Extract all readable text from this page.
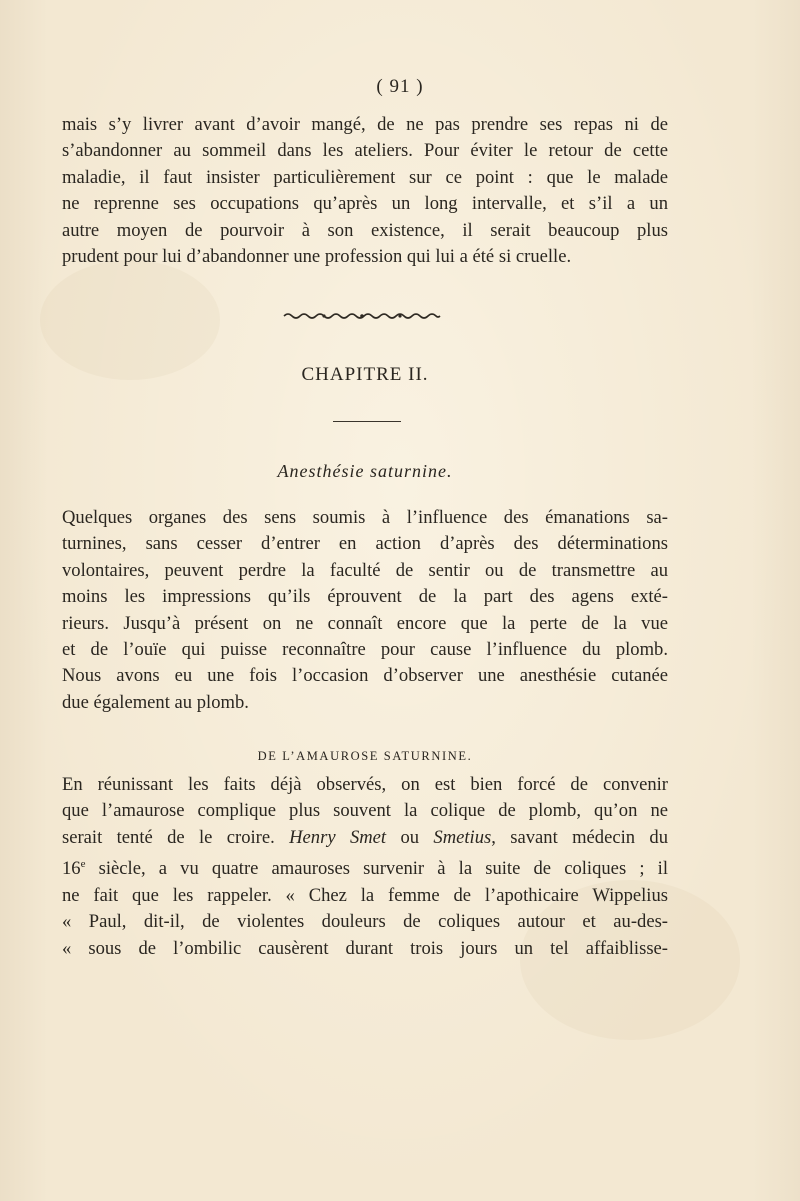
( 91 )
mais s’y livrer avant d’avoir mangé, de ne pas prendre ses repas ni de
s’abandonner au sommeil dans les ateliers. Pour éviter le retour de cette
maladie, il faut insister particulièrement sur ce point : que le malade
ne reprenne ses occupations qu’après un long intervalle, et s’il a un
autre moyen de pourvoir à son existence, il serait beaucoup plus
prudent pour lui d’abandonner une profession qui lui a été si cruelle.
CHAPITRE II.
Anesthésie saturnine.
Quelques organes des sens soumis à l’influence des émanations sa-
turnines, sans cesser d’entrer en action d’après des déterminations
volontaires, peuvent perdre la faculté de sentir ou de transmettre au
moins les impressions qu’ils éprouvent de la part des agens exté-
rieurs. Jusqu’à présent on ne connaît encore que la perte de la vue
et de l’ouïe qui puisse reconnaître pour cause l’influence du plomb.
Nous avons eu une fois l’occasion d’observer une anesthésie cutanée
due également au plomb.
DE L’AMAUROSE SATURNINE.
En réunissant les faits déjà observés, on est bien forcé de convenir
que l’amaurose complique plus souvent la colique de plomb, qu’on ne
serait tenté de le croire. Henry Smet ou Smetius, savant médecin du
16e siècle, a vu quatre amauroses survenir à la suite de coliques ; il
ne fait que les rappeler. « Chez la femme de l’apothicaire Wippelius
« Paul, dit-il, de violentes douleurs de coliques autour et au-des-
« sous de l’ombilic causèrent durant trois jours un tel affaiblisse-
